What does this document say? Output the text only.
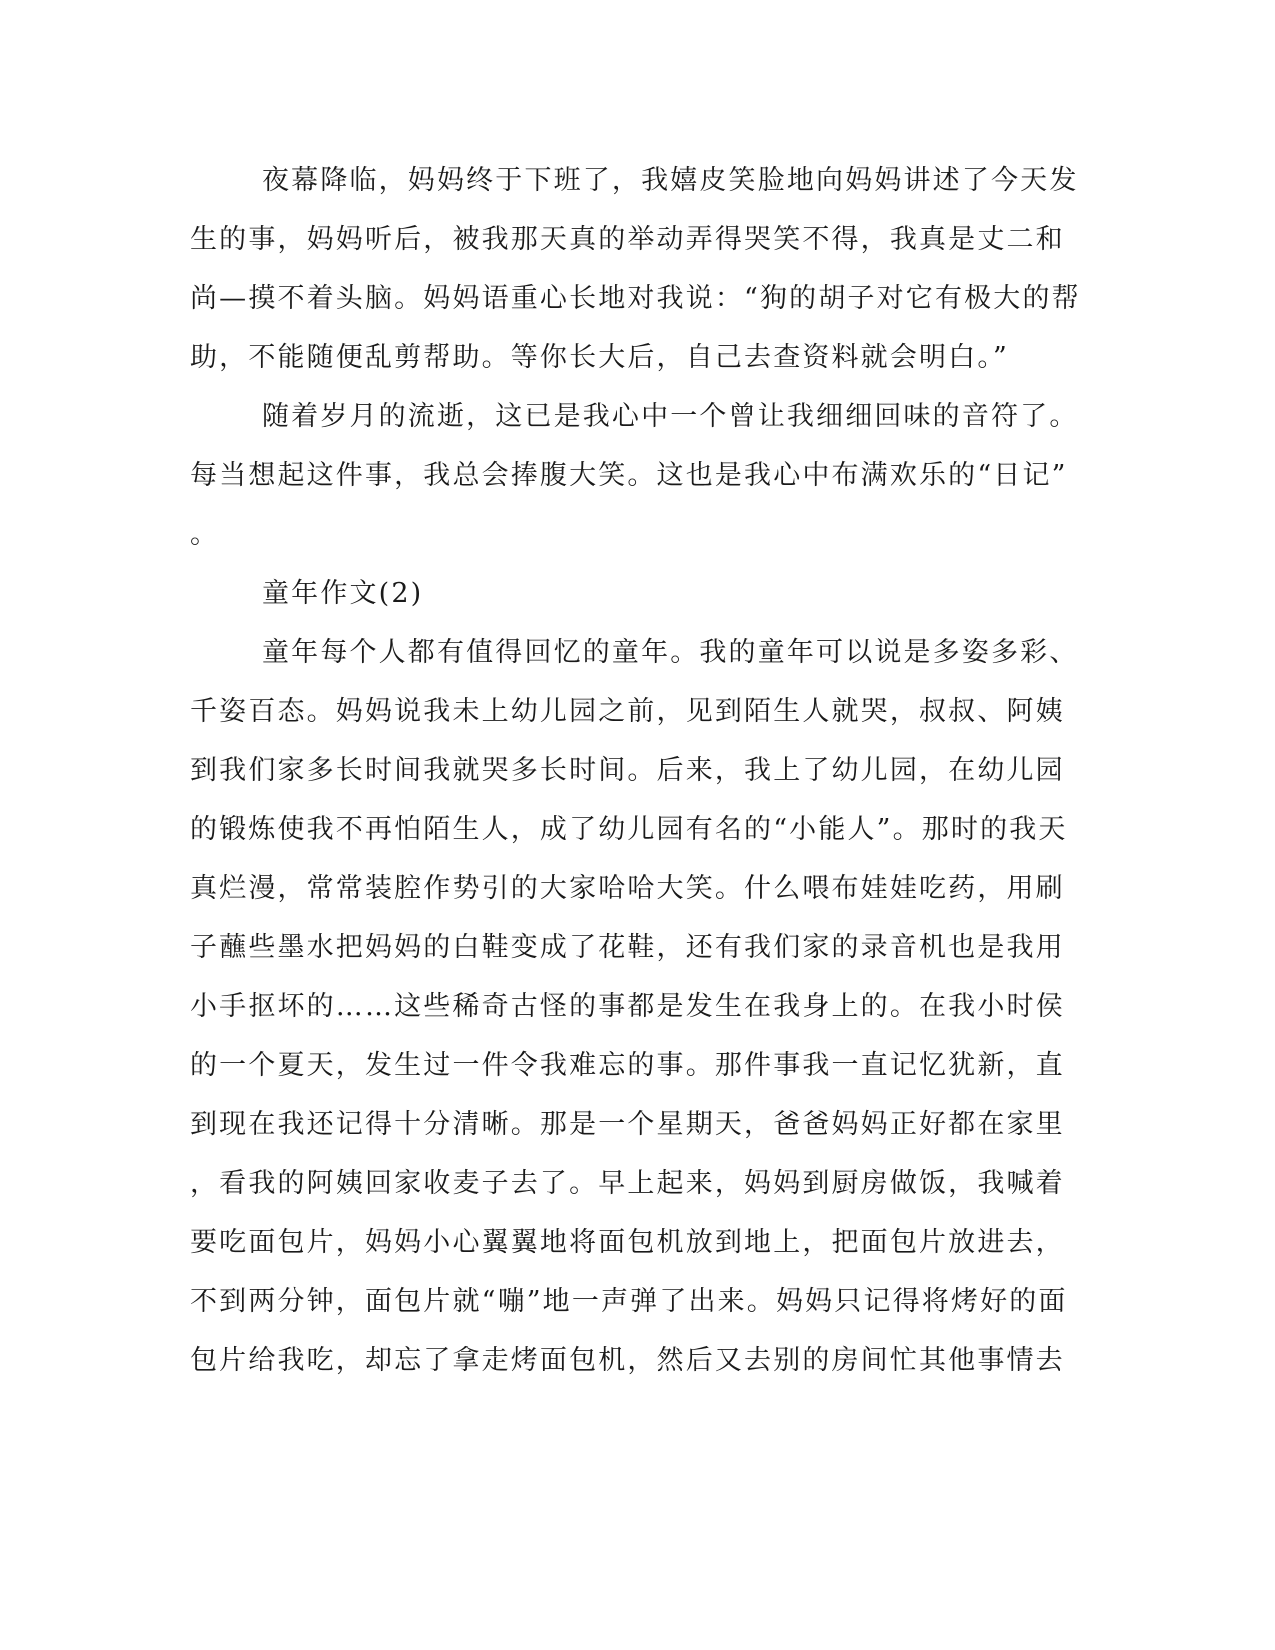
夜幕降临，妈妈终于下班了，我嬉皮笑脸地向妈妈讲述了今天发
生的事，妈妈听后，被我那天真的举动弄得哭笑不得，我真是丈二和
尚—摸不着头脑。妈妈语重心长地对我说：“狗的胡子对它有极大的帮
助，不能随便乱剪帮助。等你长大后，自己去查资料就会明白。”
随着岁月的流逝，这已是我心中一个曾让我细细回味的音符了。
每当想起这件事，我总会捧腹大笑。这也是我心中布满欢乐的“日记”
。
童年作文(2)
童年每个人都有值得回忆的童年。我的童年可以说是多姿多彩、
千姿百态。妈妈说我未上幼儿园之前，见到陌生人就哭，叔叔、阿姨
到我们家多长时间我就哭多长时间。后来，我上了幼儿园，在幼儿园
的锻炼使我不再怕陌生人，成了幼儿园有名的“小能人”。那时的我天
真烂漫，常常装腔作势引的大家哈哈大笑。什么喂布娃娃吃药，用刷
子蘸些墨水把妈妈的白鞋变成了花鞋，还有我们家的录音机也是我用
小手抠坏的……这些稀奇古怪的事都是发生在我身上的。在我小时侯
的一个夏天，发生过一件令我难忘的事。那件事我一直记忆犹新，直
到现在我还记得十分清晰。那是一个星期天，爸爸妈妈正好都在家里
，看我的阿姨回家收麦子去了。早上起来，妈妈到厨房做饭，我喊着
要吃面包片，妈妈小心翼翼地将面包机放到地上，把面包片放进去，
不到两分钟，面包片就“嘣”地一声弹了出来。妈妈只记得将烤好的面
包片给我吃，却忘了拿走烤面包机，然后又去别的房间忙其他事情去
